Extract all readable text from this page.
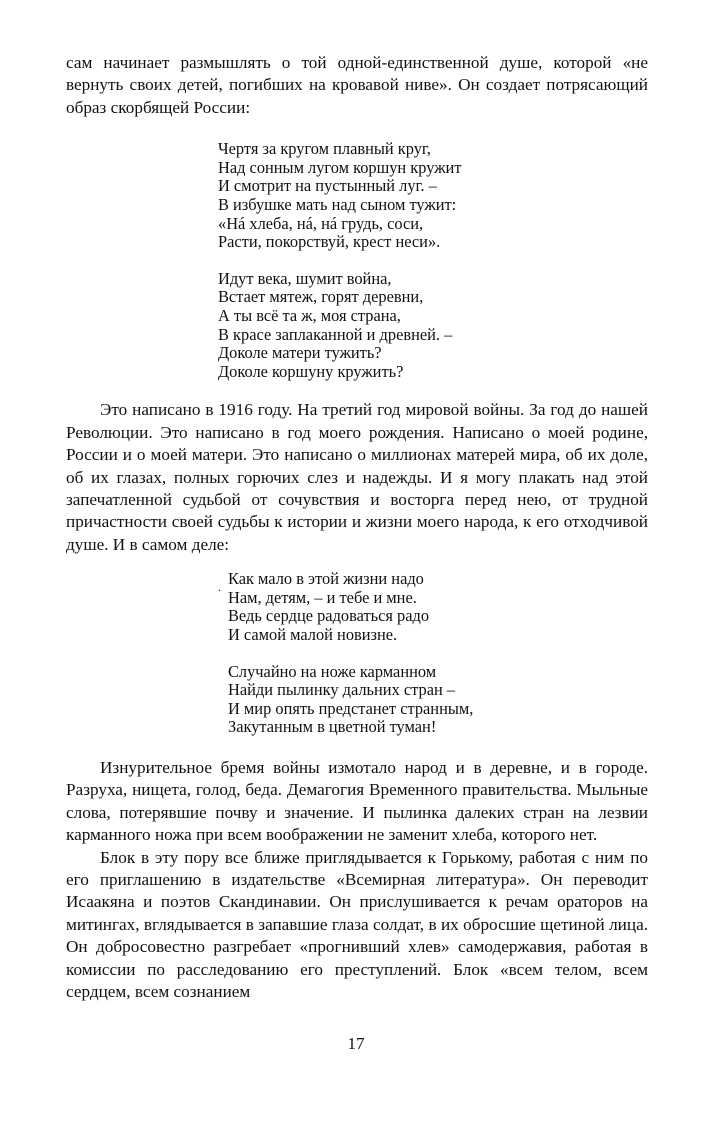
сам начинает размышлять о той одной-единственной душе, которой «не вернуть своих детей, погибших на кровавой ниве». Он создает потрясающий образ скорбящей России:

Чертя за кругом плавный круг,
Над сонным лугом коршун кружит
И смотрит на пустынный луг. –
В избушке мать над сыном тужит:
«Нá хлеба, нá, нá грудь, соси,
Расти, покорствуй, крест неси».
Идут века, шумит война,
Встает мятеж, горят деревни,
А ты всё та ж, моя страна,
В красе заплаканной и древней. –
Доколе матери тужить?
Доколе коршуну кружить?

Это написано в 1916 году. На третий год мировой войны. За год до нашей Революции. Это написано в год моего рождения. Написано о моей родине, России и о моей матери. Это написано о миллионах матерей мира, об их доле, об их глазах, полных горючих слез и надежды. И я могу плакать над этой запечатленной судьбой от сочувствия и восторга перед нею, от трудной причастности своей судьбы к истории и жизни моего народа, к его отходчивой душе. И в самом деле:

. Как мало в этой жизни надо
Нам, детям, – и тебе и мне.
Ведь сердце радоваться радо
И самой малой новизне.
Случайно на ноже карманном
Найди пылинку дальних стран –
И мир опять предстанет странным,
Закутанным в цветной туман!

Изнурительное бремя войны измотало народ и в деревне, и в городе. Разруха, нищета, голод, беда. Демагогия Временного правительства. Мыльные слова, потерявшие почву и значение. И пылинка далеких стран на лезвии карманного ножа при всем воображении не заменит хлеба, которого нет.

Блок в эту пору все ближе приглядывается к Горькому, работая с ним по его приглашению в издательстве «Всемирная литература». Он переводит Исаакяна и поэтов Скандинавии. Он прислушивается к речам ораторов на митингах, вглядывается в запавшие глаза солдат, в их обросшие щетиной лица. Он добросовестно разгребает «прогнивший хлев» самодержавия, работая в комиссии по расследованию его преступлений. Блок «всем телом, всем сердцем, всем сознанием

17
